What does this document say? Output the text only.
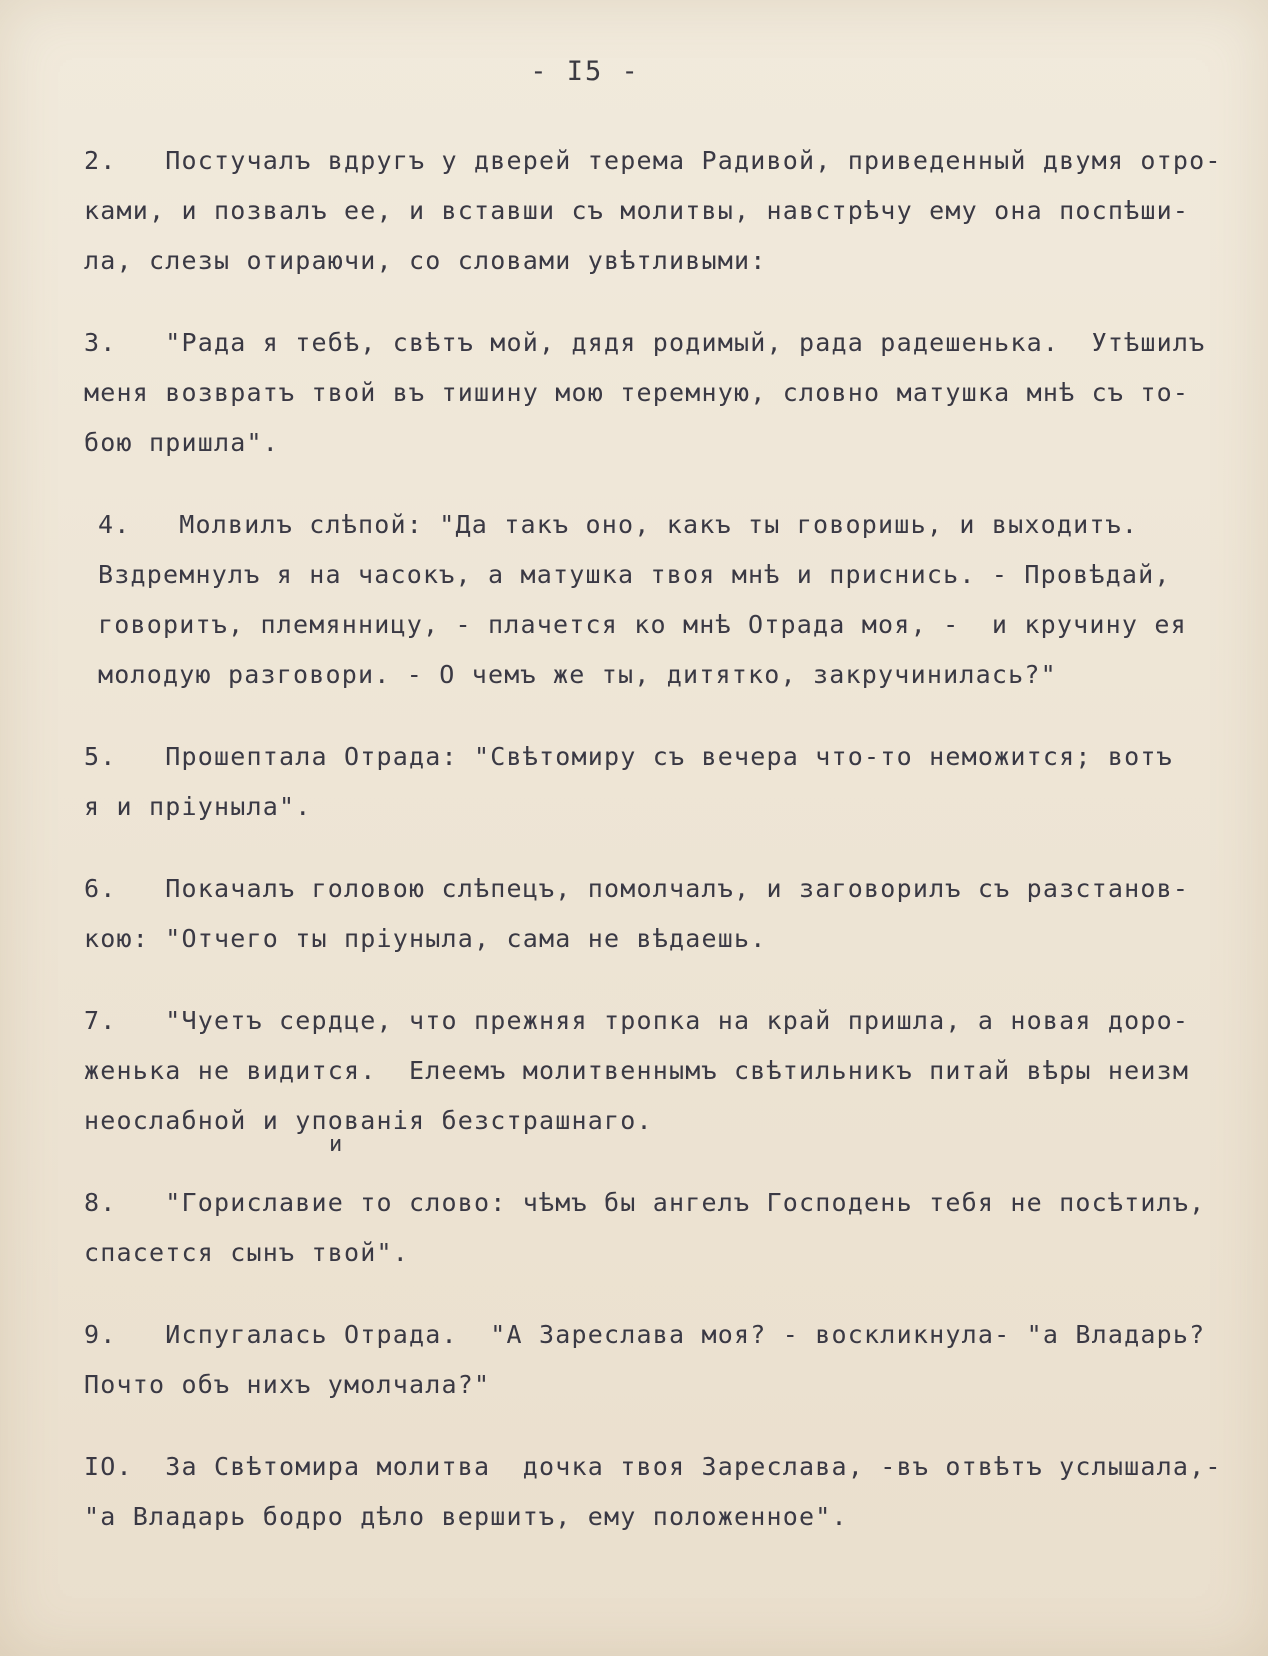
- I5 -
2.   Постучалъ вдругъ у дверей терема Радивой, приведенный двумя отро-
ками, и позвалъ ее, и вставши съ молитвы, навстрѣчу ему она поспѣши-
ла, слезы отираючи, со словами увѣтливыми:
3.   "Рада я тебѣ, свѣтъ мой, дядя родимый, рада радешенька.  Утѣшилъ
меня возвратъ твой въ тишину мою теремную, словно матушка мнѣ съ то-
бою пришла".
4.   Молвилъ слѣпой: "Да такъ оно, какъ ты говоришь, и выходитъ.
Вздремнулъ я на часокъ, а матушка твоя мнѣ и приснись. - Провѣдай,
говоритъ, племянницу, - плачется ко мнѣ Отрада моя, -  и кручину ея
молодую разговори. - О чемъ же ты, дитятко, закручинилась?"
5.   Прошептала Отрада: "Свѣтомиру съ вечера что-то неможится; вотъ
я и пріуныла".
6.   Покачалъ головою слѣпецъ, помолчалъ, и заговорилъ съ разстанов-
кою: "Отчего ты пріуныла, сама не вѣдаешь.
7.   "Чуетъ сердце, что прежняя тропка на край пришла, а новая доро-
женька не видится.  Елеемъ молитвеннымъ свѣтильникъ питай вѣры неизм
неослабной и упованія безстрашнаго.
8.   "Гориславие то слово: чѣмъ бы ангелъ Господень тебя не посѣтилъ,
спасется сынъ твой".
9.   Испугалась Отрада.  "А Зареслава моя? - воскликнула- "а Владарь?
Почто объ нихъ умолчала?"
IO.  За Свѣтомира молитва  дочка твоя Зареслава, -въ отвѣтъ услышала,-
"а Владарь бодро дѣло вершитъ, ему положенное".
и
